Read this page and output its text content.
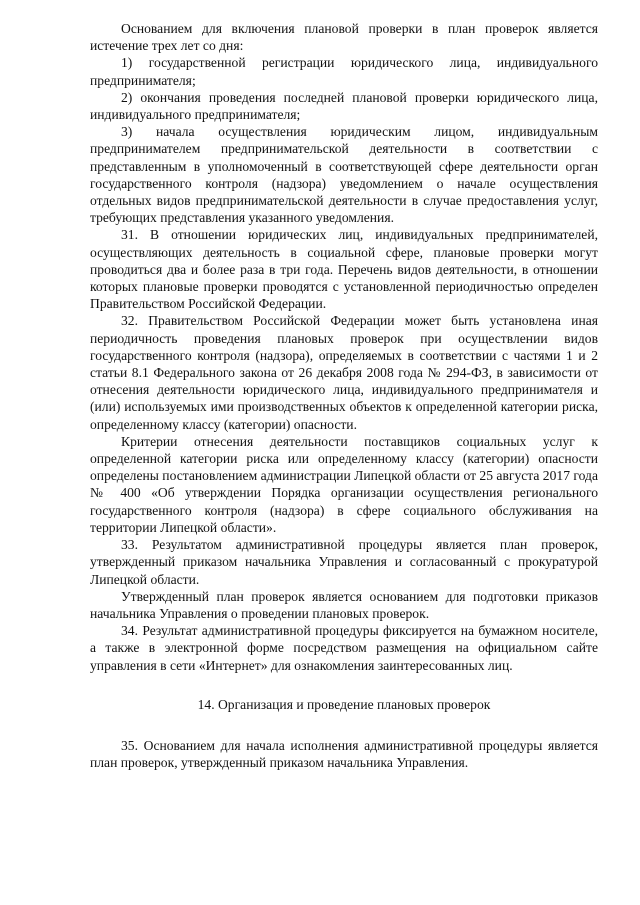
Основанием для включения плановой проверки в план проверок является истечение трех лет со дня:

1) государственной регистрации юридического лица, индивидуального предпринимателя;

2) окончания проведения последней плановой проверки юридического лица, индивидуального предпринимателя;

3) начала осуществления юридическим лицом, индивидуальным предпринимателем предпринимательской деятельности в соответствии с представленным в уполномоченный в соответствующей сфере деятельности орган государственного контроля (надзора) уведомлением о начале осуществления отдельных видов предпринимательской деятельности в случае предоставления услуг, требующих представления указанного уведомления.

31. В отношении юридических лиц, индивидуальных предпринимателей, осуществляющих деятельность в социальной сфере, плановые проверки могут проводиться два и более раза в три года. Перечень видов деятельности, в отношении которых плановые проверки проводятся с установленной периодичностью определен Правительством Российской Федерации.

32. Правительством Российской Федерации может быть установлена иная периодичность проведения плановых проверок при осуществлении видов государственного контроля (надзора), определяемых в соответствии с частями 1 и 2 статьи 8.1 Федерального закона от 26 декабря 2008 года № 294-ФЗ, в зависимости от отнесения деятельности юридического лица, индивидуального предпринимателя и (или) используемых ими производственных объектов к определенной категории риска, определенному классу (категории) опасности.

Критерии отнесения деятельности поставщиков социальных услуг к определенной категории риска или определенному классу (категории) опасности определены постановлением администрации Липецкой области от 25 августа 2017 года № 400 «Об утверждении Порядка организации осуществления регионального государственного контроля (надзора) в сфере социального обслуживания на территории Липецкой области».

33. Результатом административной процедуры является план проверок, утвержденный приказом начальника Управления и согласованный с прокуратурой Липецкой области.

Утвержденный план проверок является основанием для подготовки приказов начальника Управления о проведении плановых проверок.

34. Результат административной процедуры фиксируется на бумажном носителе, а также в электронной форме посредством размещения на официальном сайте управления в сети «Интернет» для ознакомления заинтересованных лиц.

14. Организация и проведение плановых проверок

35. Основанием для начала исполнения административной процедуры является план проверок, утвержденный приказом начальника Управления.
